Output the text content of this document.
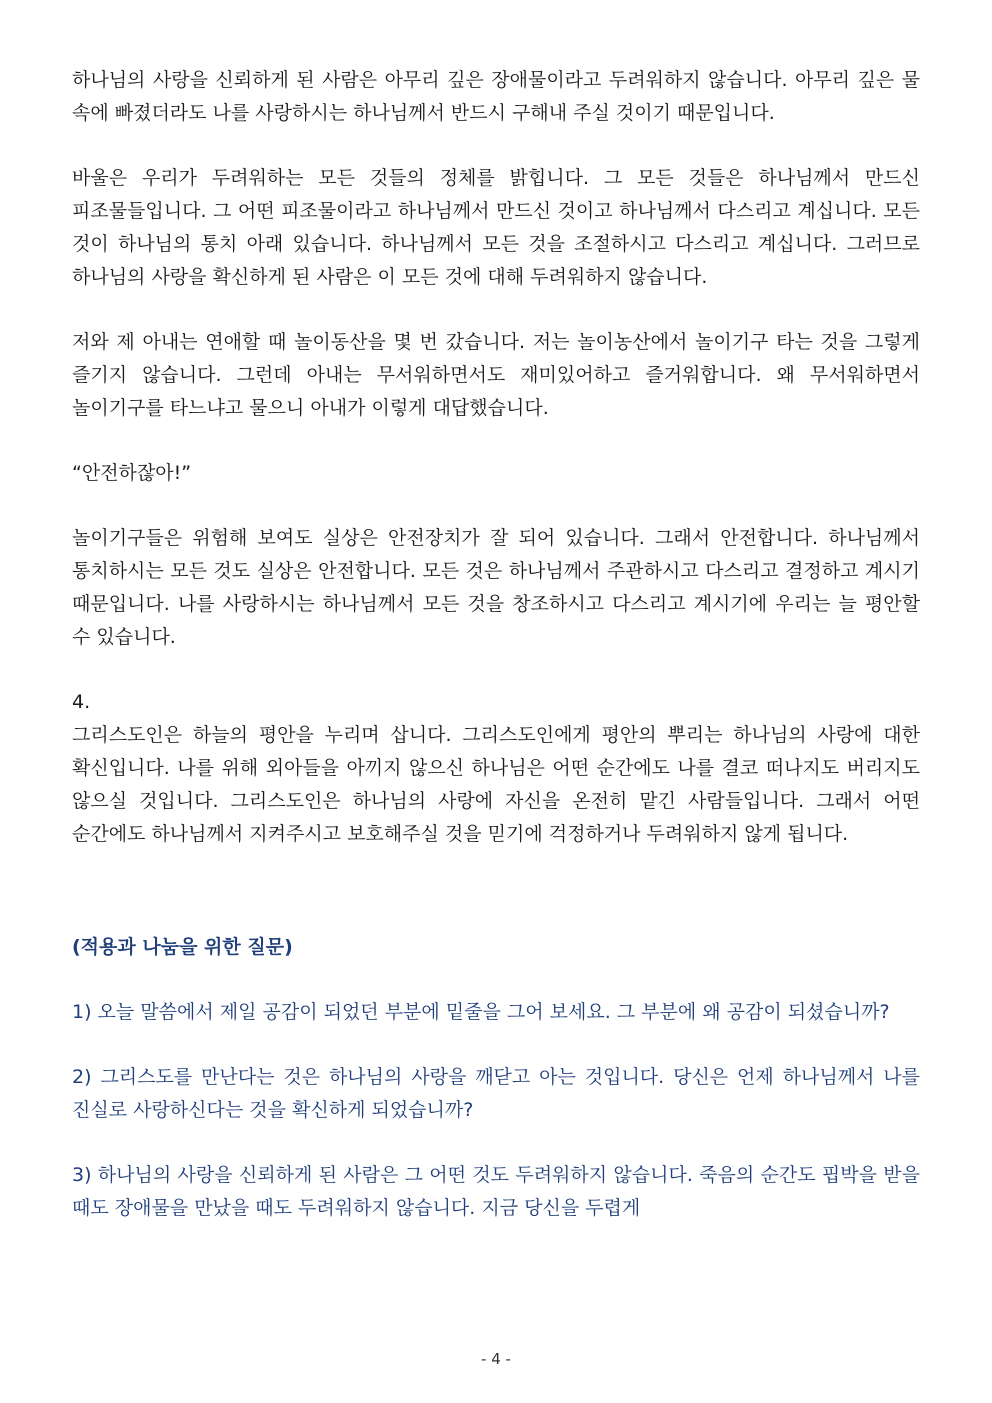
하나님의 사랑을 신뢰하게 된 사람은 아무리 깊은 장애물이라고 두려워하지 않습니다. 아무리 깊은 물 속에 빠졌더라도 나를 사랑하시는 하나님께서 반드시 구해내 주실 것이기 때문입니다.

바울은 우리가 두려워하는 모든 것들의 정체를 밝힙니다. 그 모든 것들은 하나님께서 만드신 피조물들입니다. 그 어떤 피조물이라고 하나님께서 만드신 것이고 하나님께서 다스리고 계십니다. 모든 것이 하나님의 통치 아래 있습니다. 하나님께서 모든 것을 조절하시고 다스리고 계십니다. 그러므로 하나님의 사랑을 확신하게 된 사람은 이 모든 것에 대해 두려워하지 않습니다.

저와 제 아내는 연애할 때 놀이동산을 몇 번 갔습니다. 저는 놀이농산에서 놀이기구 타는 것을 그렇게 즐기지 않습니다. 그런데 아내는 무서워하면서도 재미있어하고 즐거워합니다. 왜 무서워하면서 놀이기구를 타느냐고 물으니 아내가 이렇게 대답했습니다.

“안전하잖아!”

놀이기구들은 위험해 보여도 실상은 안전장치가 잘 되어 있습니다. 그래서 안전합니다. 하나님께서 통치하시는 모든 것도 실상은 안전합니다. 모든 것은 하나님께서 주관하시고 다스리고 결정하고 계시기 때문입니다. 나를 사랑하시는 하나님께서 모든 것을 창조하시고 다스리고 계시기에 우리는 늘 평안할 수 있습니다.

4.

그리스도인은 하늘의 평안을 누리며 삽니다. 그리스도인에게 평안의 뿌리는 하나님의 사랑에 대한 확신입니다. 나를 위해 외아들을 아끼지 않으신 하나님은 어떤 순간에도 나를 결코 떠나지도 버리지도 않으실 것입니다. 그리스도인은 하나님의 사랑에 자신을 온전히 맡긴 사람들입니다. 그래서 어떤 순간에도 하나님께서 지켜주시고 보호해주실 것을 믿기에 걱정하거나 두려워하지 않게 됩니다.

(적용과 나눔을 위한 질문)

1) 오늘 말씀에서 제일 공감이 되었던 부분에 밑줄을 그어 보세요. 그 부분에 왜 공감이 되셨습니까?

2) 그리스도를 만난다는 것은 하나님의 사랑을 깨닫고 아는 것입니다. 당신은 언제 하나님께서 나를 진실로 사랑하신다는 것을 확신하게 되었습니까?

3) 하나님의 사랑을 신뢰하게 된 사람은 그 어떤 것도 두려워하지 않습니다. 죽음의 순간도 핍박을 받을 때도 장애물을 만났을 때도 두려워하지 않습니다. 지금 당신을 두렵게

- 4 -
